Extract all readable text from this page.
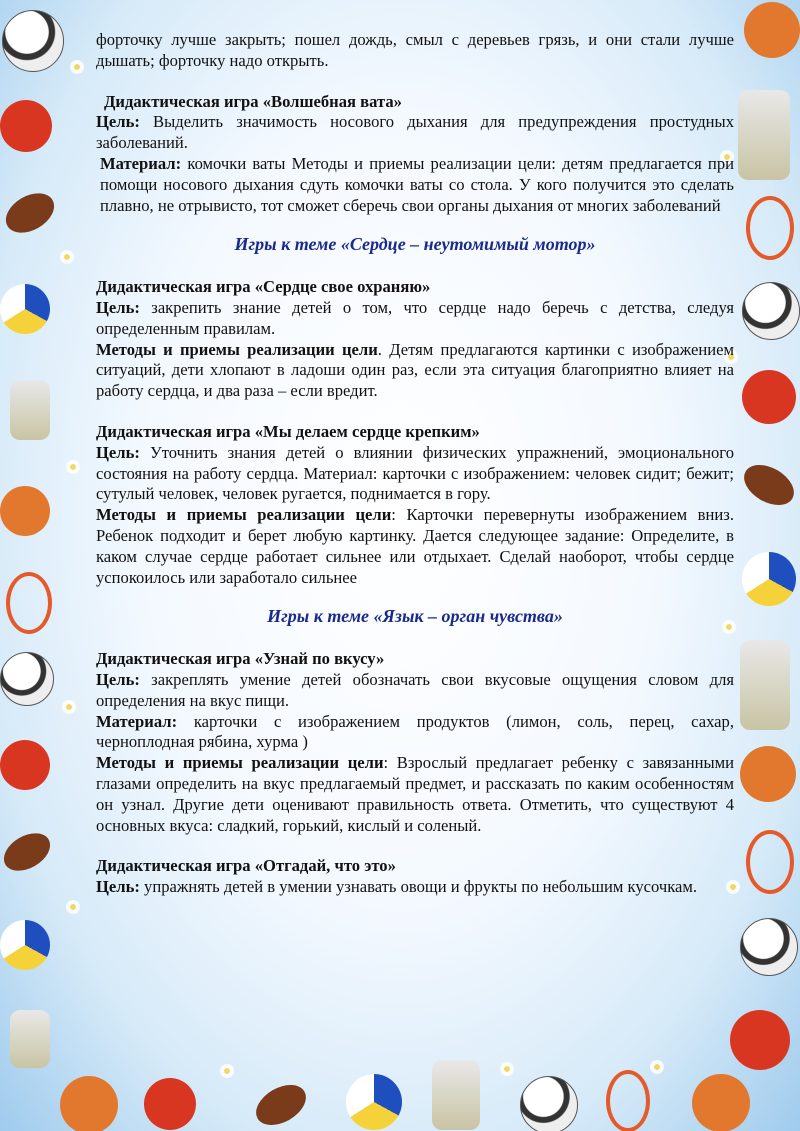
форточку лучше закрыть; пошел дождь, смыл с деревьев грязь, и они стали лучше дышать; форточку надо открыть.

Дидактическая игра «Волшебная вата»

Цель: Выделить значимость носового дыхания для предупреждения простудных заболеваний.

Материал: комочки ваты Методы и приемы реализации цели: детям предлагается при помощи носового дыхания сдуть комочки ваты со стола. У кого получится это сделать плавно, не отрывисто, тот сможет сберечь свои органы дыхания от многих заболеваний

Игры к теме «Сердце – неутомимый мотор»

Дидактическая игра «Сердце свое охраняю»

Цель: закрепить знание детей о том, что сердце надо беречь с детства, следуя определенным правилам.

Методы и приемы реализации цели. Детям предлагаются картинки с изображением ситуаций, дети хлопают в ладоши один раз, если эта ситуация благоприятно влияет на работу сердца, и два раза – если вредит.

Дидактическая игра «Мы делаем сердце крепким»

Цель: Уточнить знания детей о влиянии физических упражнений, эмоционального состояния на работу сердца. Материал: карточки с изображением: человек сидит; бежит; сутулый человек, человек ругается, поднимается в гору.

Методы и приемы реализации цели: Карточки перевернуты изображением вниз. Ребенок подходит и берет любую картинку. Дается следующее задание: Определите, в каком случае сердце работает сильнее или отдыхает. Сделай наоборот, чтобы сердце успокоилось или заработало сильнее

Игры к теме «Язык – орган чувства»

Дидактическая игра «Узнай по вкусу»

Цель: закреплять умение детей обозначать свои вкусовые ощущения словом для определения на вкус пищи.

Материал: карточки с изображением продуктов (лимон, соль, перец, сахар, черноплодная рябина, хурма )

Методы и приемы реализации цели: Взрослый предлагает ребенку с завязанными глазами определить на вкус предлагаемый предмет, и рассказать по каким особенностям он узнал. Другие дети оценивают правильность ответа. Отметить, что существуют 4 основных вкуса: сладкий, горький, кислый и соленый.

Дидактическая игра «Отгадай, что это»

Цель: упражнять детей в умении узнавать овощи и фрукты по небольшим кусочкам.
